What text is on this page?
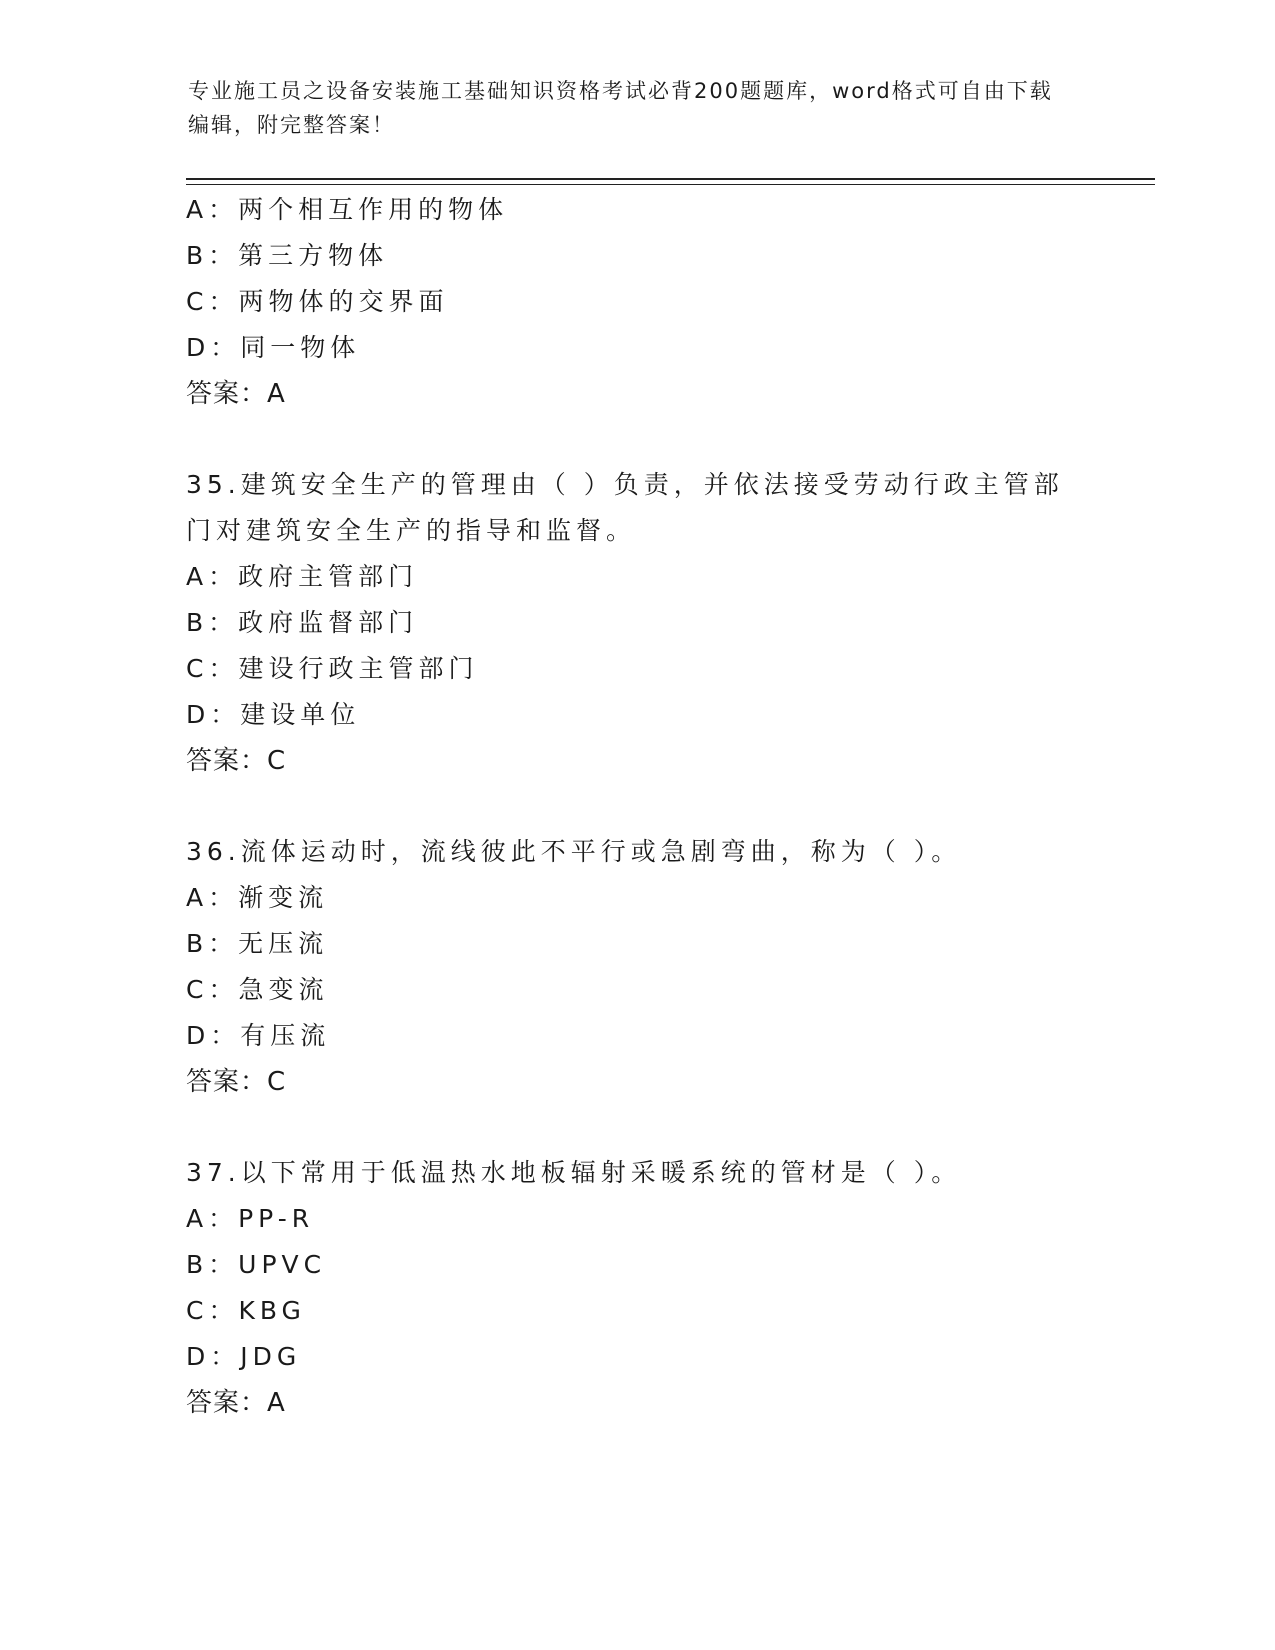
专业施工员之设备安装施工基础知识资格考试必背200题题库，word格式可自由下载编辑，附完整答案！
A：两个相互作用的物体
B：第三方物体
C：两物体的交界面
D：同一物体
答案：A
35.建筑安全生产的管理由（ ）负责，并依法接受劳动行政主管部门对建筑安全生产的指导和监督。
A：政府主管部门
B：政府监督部门
C：建设行政主管部门
D：建设单位
答案：C
36.流体运动时，流线彼此不平行或急剧弯曲，称为（ ）。
A：渐变流
B：无压流
C：急变流
D：有压流
答案：C
37.以下常用于低温热水地板辐射采暖系统的管材是（ ）。
A：PP-R
B：UPVC
C：KBG
D：JDG
答案：A
